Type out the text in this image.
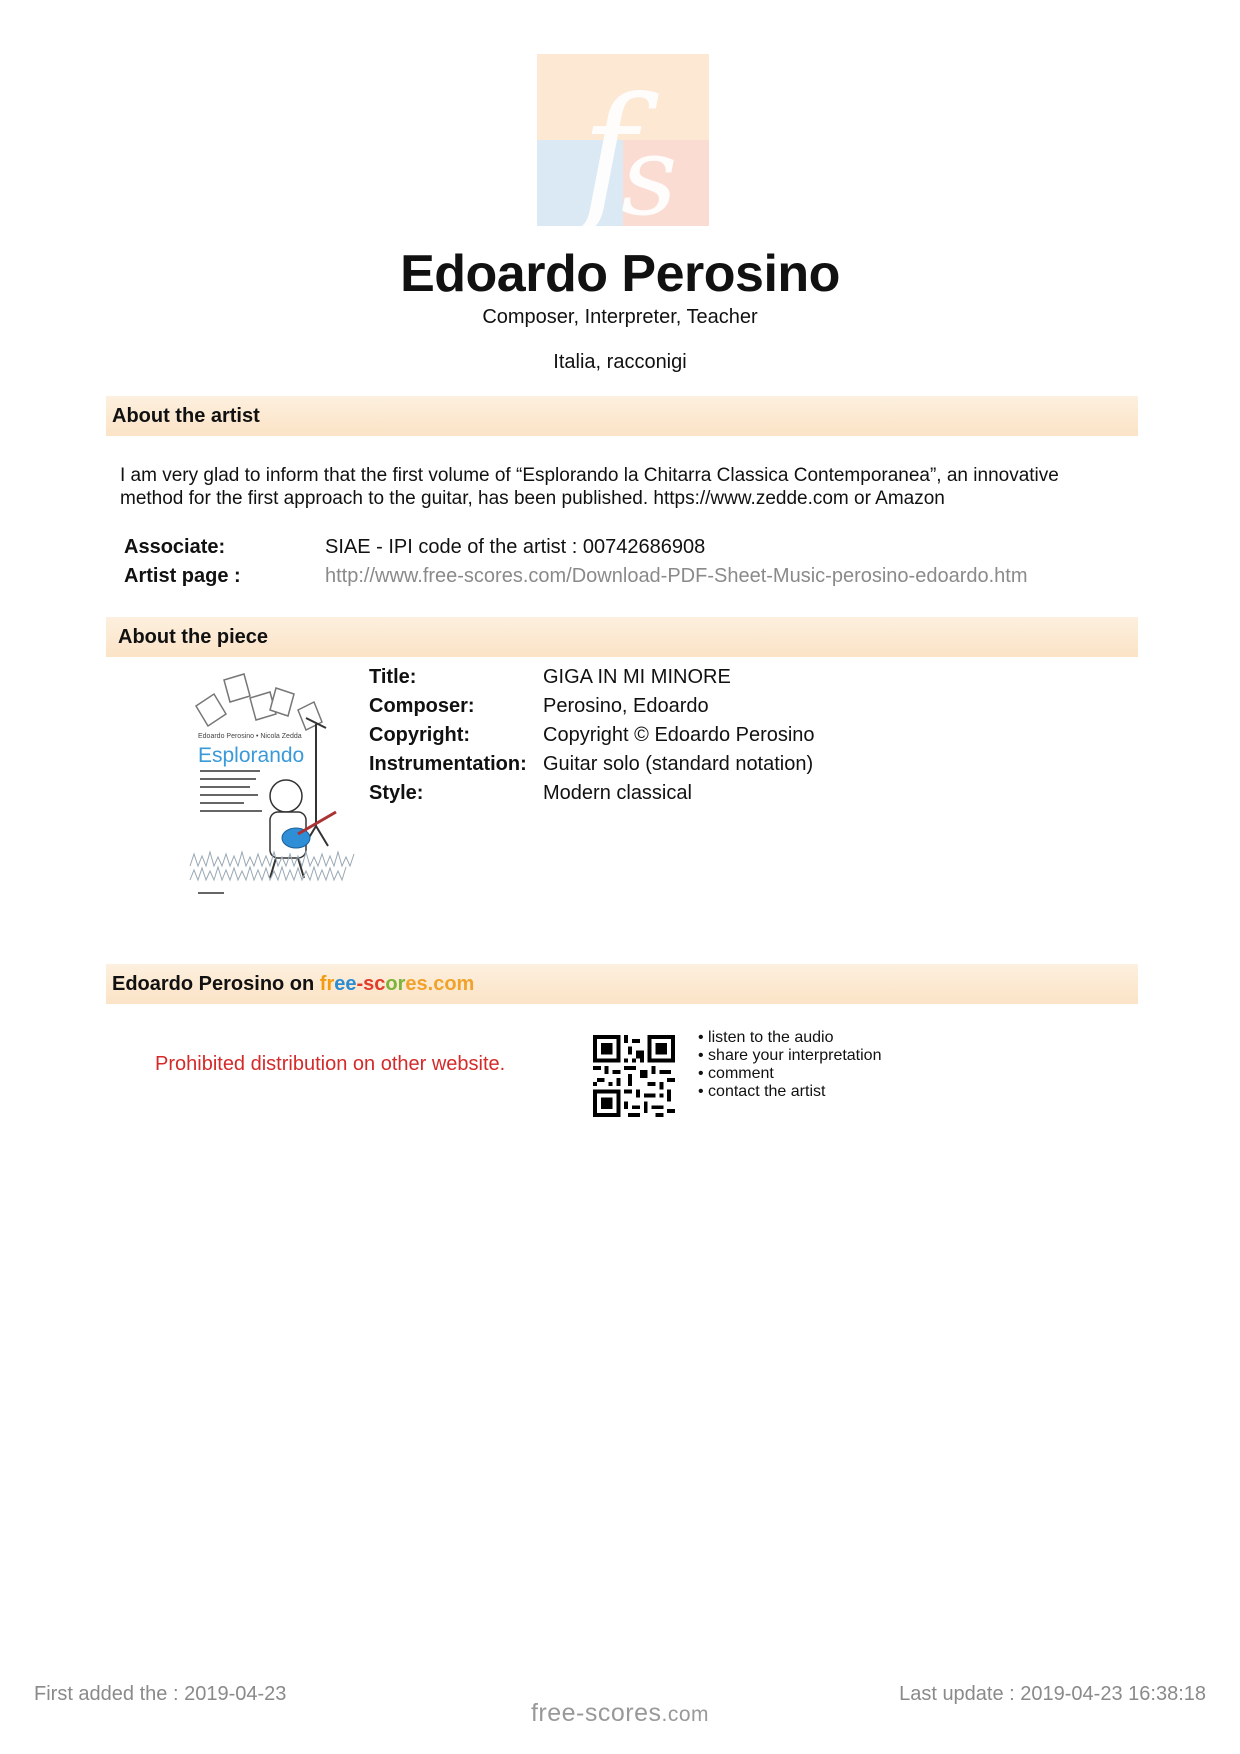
f
s
Edoardo Perosino
Composer, Interpreter, Teacher
Italia, racconigi
About the artist
I am very glad to inform that the first volume of “Esplorando la Chitarra Classica Contemporanea”, an innovative method for the first approach to the guitar, has been published. https://www.zedde.com or Amazon
Associate:	SIAE - IPI code of the artist : 00742686908
Artist page :	http://www.free-scores.com/Download-PDF-Sheet-Music-perosino-edoardo.htm
About the piece
Edoardo Perosino • Nicola Zedda
Esplorando
Title:	GIGA IN MI MINORE
Composer:	Perosino, Edoardo
Copyright:	Copyright © Edoardo Perosino
Instrumentation: Guitar solo (standard notation)
Style:	Modern classical
Edoardo Perosino on free-scores.com
Prohibited distribution on other website.
• listen to the audio
• share your interpretation
• comment
• contact the artist
First added the : 2019-04-23	Last update : 2019-04-23 16:38:18
free-scores.com
